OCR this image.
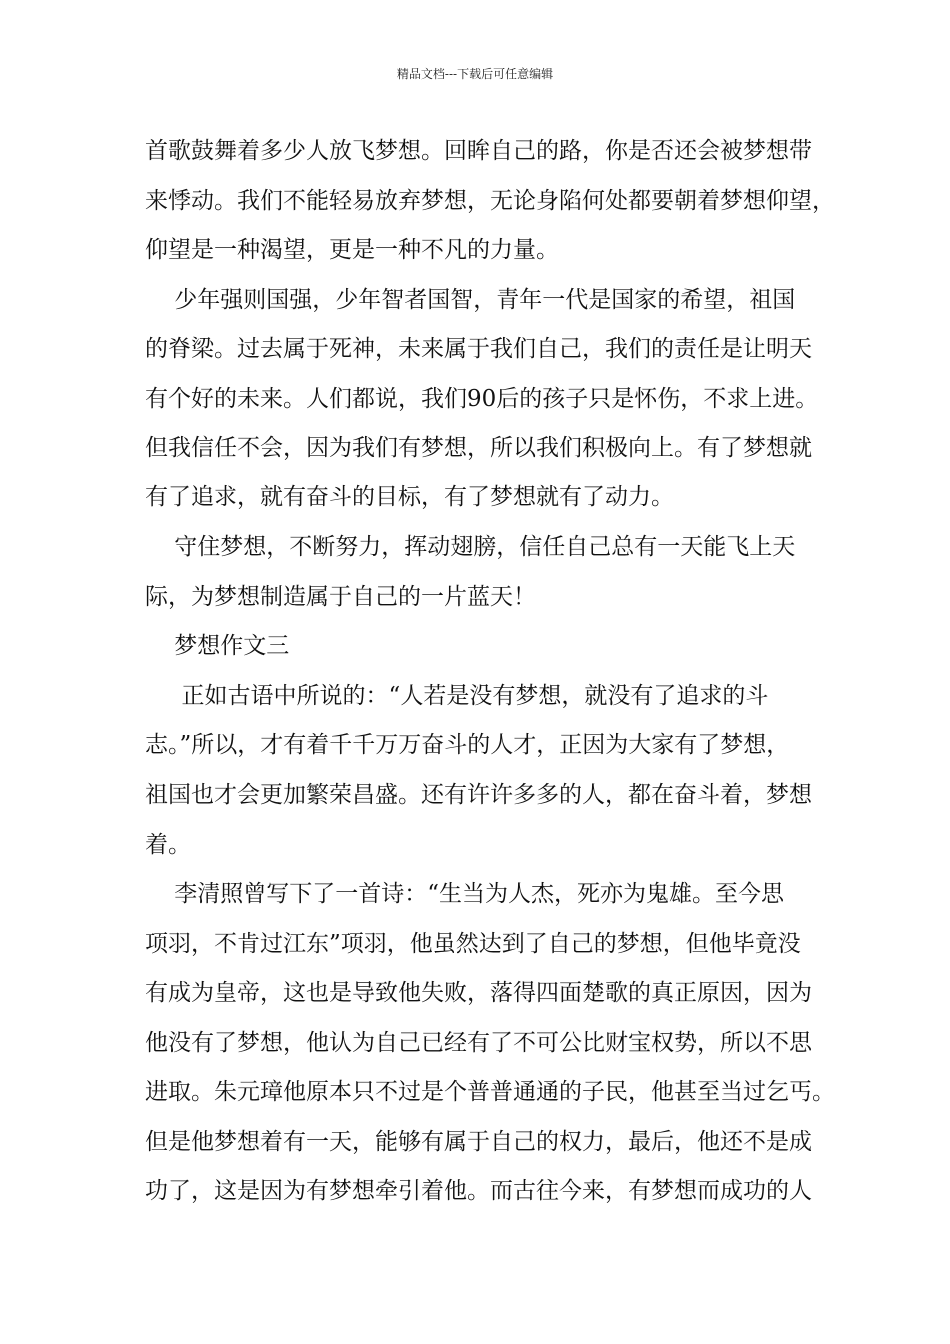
精品文档---下载后可任意编辑
首歌鼓舞着多少人放飞梦想。回眸自己的路，你是否还会被梦想带
来悸动。我们不能轻易放弃梦想，无论身陷何处都要朝着梦想仰望，
仰望是一种渴望，更是一种不凡的力量。
少年强则国强，少年智者国智，青年一代是国家的希望，祖国
的脊梁。过去属于死神，未来属于我们自己，我们的责任是让明天
有个好的未来。人们都说，我们90后的孩子只是怀伤，不求上进。
但我信任不会，因为我们有梦想，所以我们积极向上。有了梦想就
有了追求，就有奋斗的目标，有了梦想就有了动力。
守住梦想，不断努力，挥动翅膀，信任自己总有一天能飞上天
际，为梦想制造属于自己的一片蓝天！
梦想作文三
正如古语中所说的：“人若是没有梦想，就没有了追求的斗
志。”所以，才有着千千万万奋斗的人才，正因为大家有了梦想，
祖国也才会更加繁荣昌盛。还有许许多多的人，都在奋斗着，梦想
着。
李清照曾写下了一首诗：“生当为人杰，死亦为鬼雄。至今思
项羽，不肯过江东”项羽，他虽然达到了自己的梦想，但他毕竟没
有成为皇帝，这也是导致他失败，落得四面楚歌的真正原因，因为
他没有了梦想，他认为自己已经有了不可公比财宝权势，所以不思
进取。朱元璋他原本只不过是个普普通通的子民，他甚至当过乞丐。
但是他梦想着有一天，能够有属于自己的权力，最后，他还不是成
功了，这是因为有梦想牵引着他。而古往今来，有梦想而成功的人
